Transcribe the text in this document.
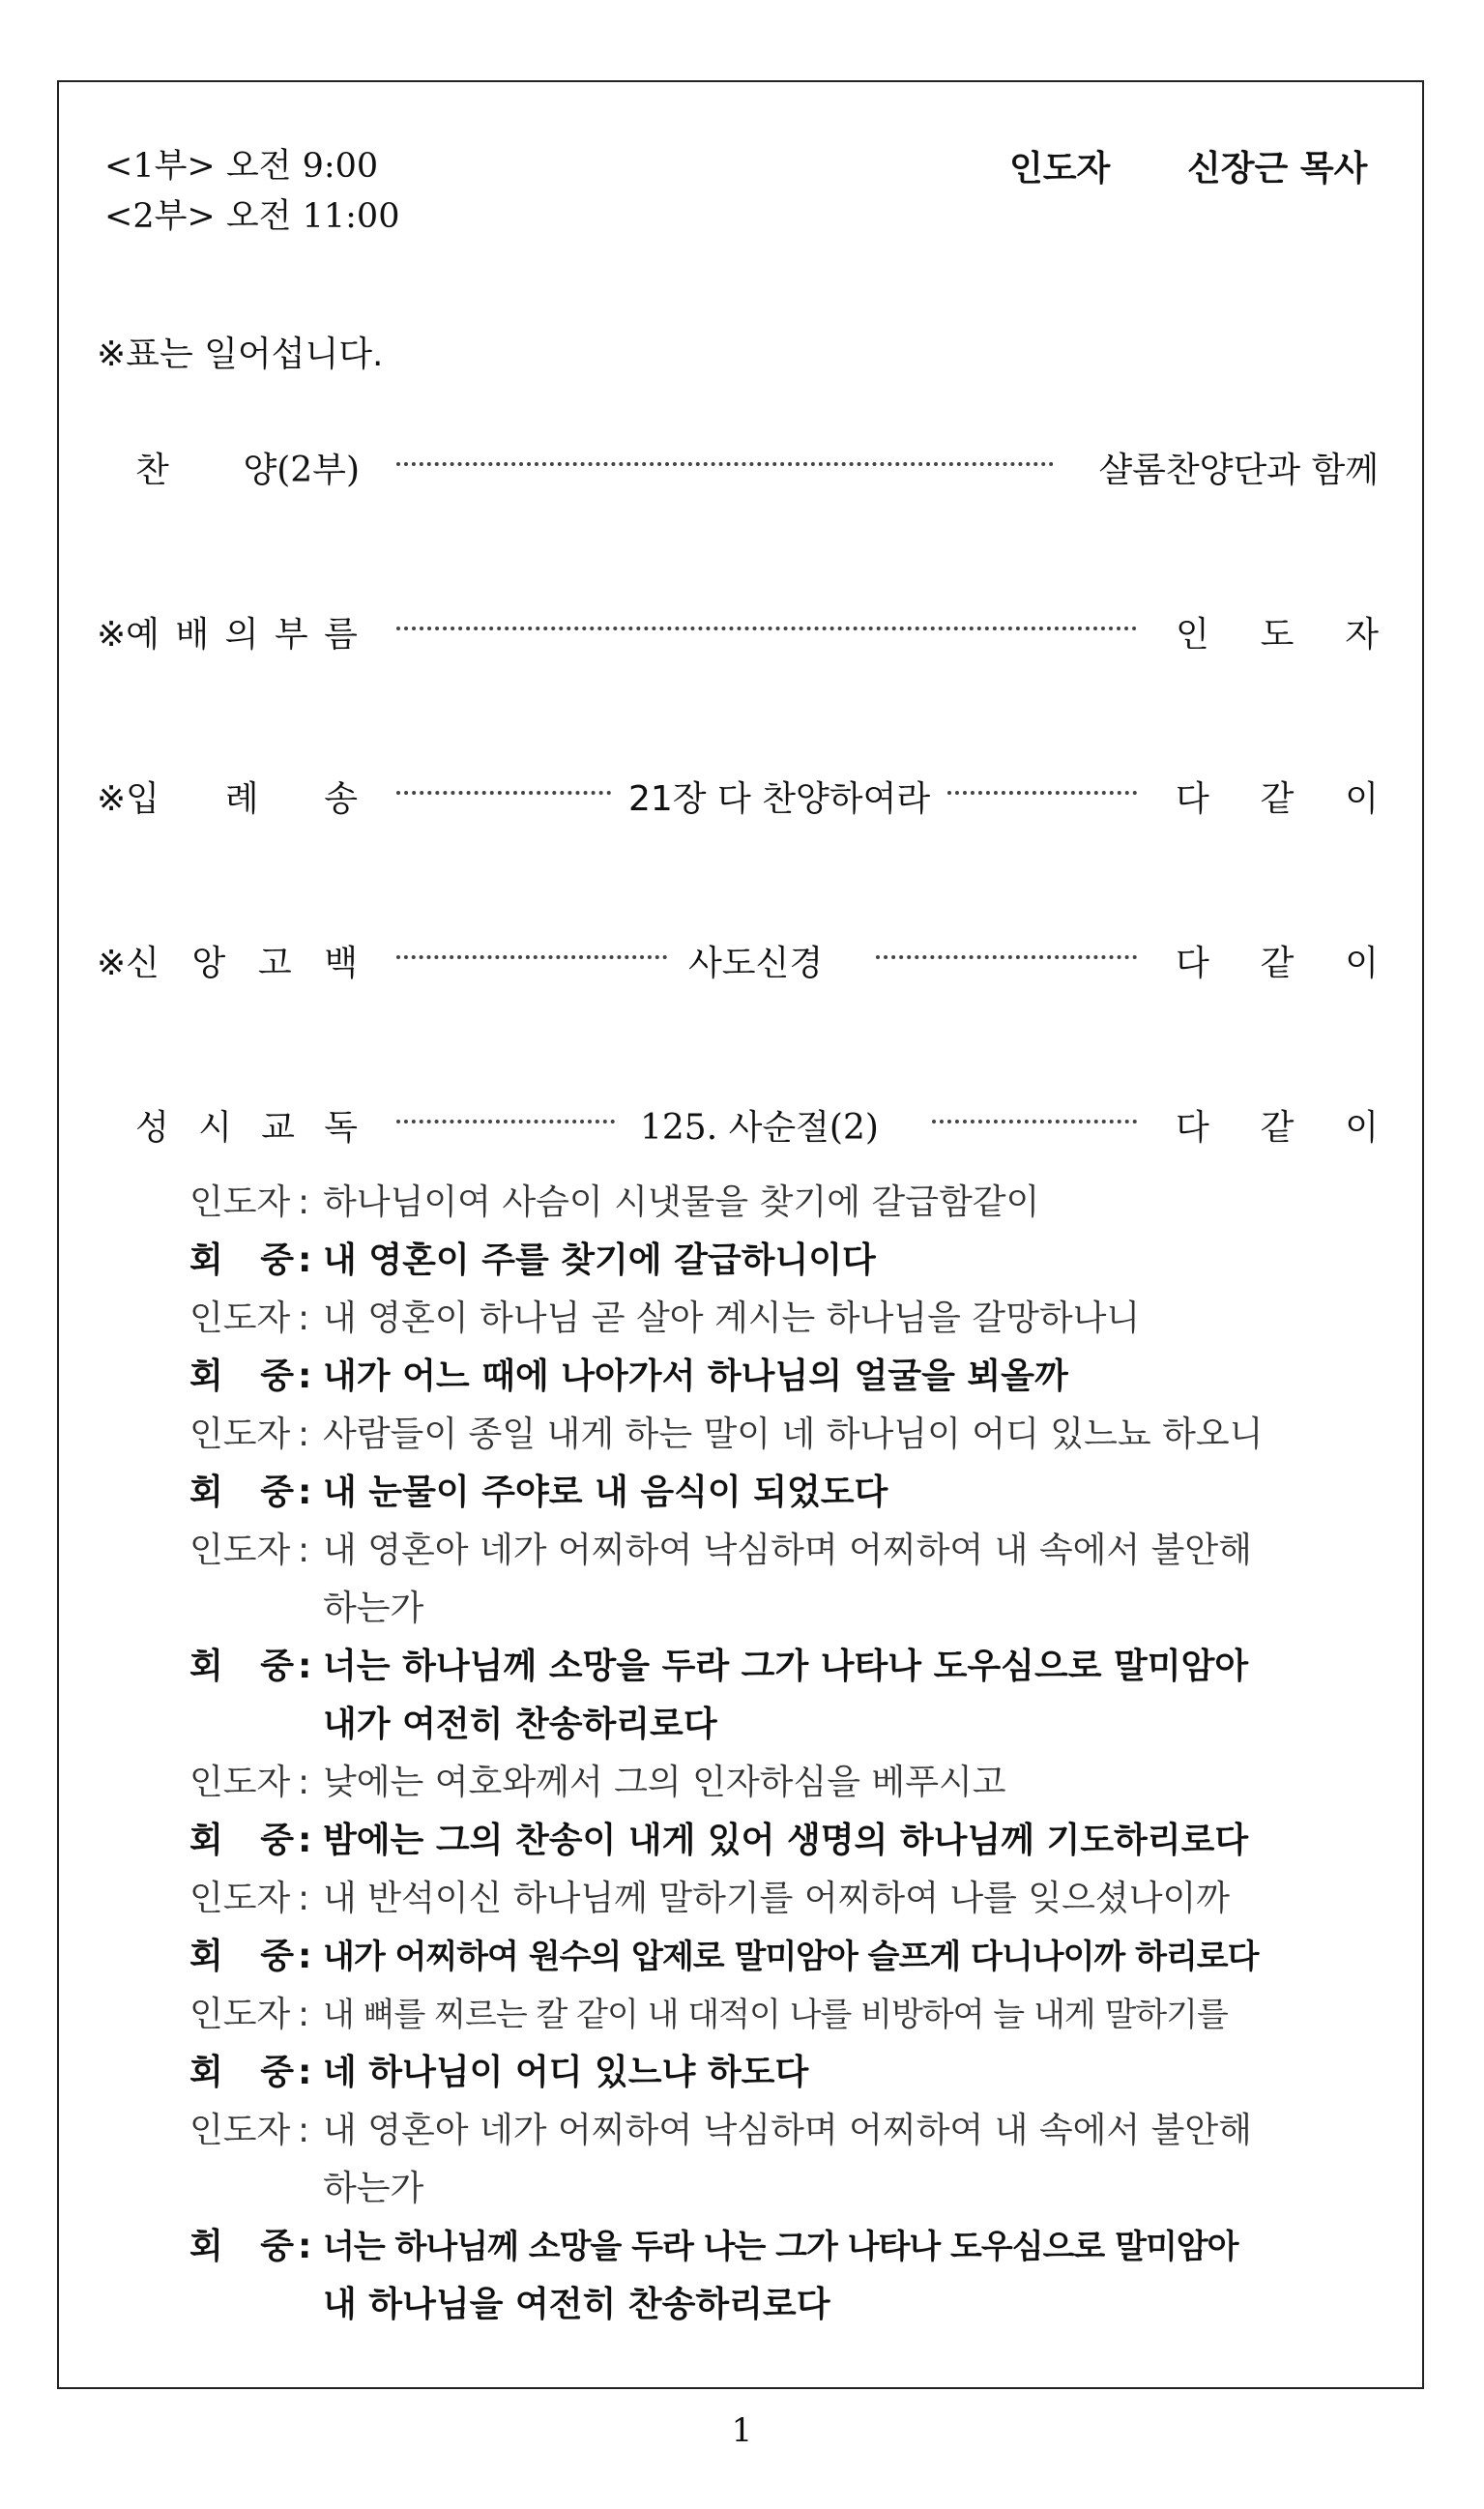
<1부> 오전 9:00
<2부> 오전 11:00
인도자 신장근 목사
※표는 일어섭니다.
찬 양(2부)	샬롬찬양단과 함께
※예 배 의 부 름	인 도 자
※입 례 송	21장 다 찬양하여라	다 같 이
※신 앙 고 백	사도신경	다 같 이
성 시 교 독	125. 사순절(2)	다 같 이
인도자 : 하나님이여 사슴이 시냇물을 찾기에 갈급함같이
회 중 : 내 영혼이 주를 찾기에 갈급하니이다
인도자 : 내 영혼이 하나님 곧 살아 계시는 하나님을 갈망하나니
회 중 : 내가 어느 때에 나아가서 하나님의 얼굴을 뵈올까
인도자 : 사람들이 종일 내게 하는 말이 네 하나님이 어디 있느뇨 하오니
회 중 : 내 눈물이 주야로 내 음식이 되었도다
인도자 : 내 영혼아 네가 어찌하여 낙심하며 어찌하여 내 속에서 불안해
하는가
회 중 : 너는 하나님께 소망을 두라 그가 나타나 도우심으로 말미암아
내가 여전히 찬송하리로다
인도자 : 낮에는 여호와께서 그의 인자하심을 베푸시고
회 중 : 밤에는 그의 찬송이 내게 있어 생명의 하나님께 기도하리로다
인도자 : 내 반석이신 하나님께 말하기를 어찌하여 나를 잊으셨나이까
회 중 : 내가 어찌하여 원수의 압제로 말미암아 슬프게 다니나이까 하리로다
인도자 : 내 뼈를 찌르는 칼 같이 내 대적이 나를 비방하여 늘 내게 말하기를
회 중 : 네 하나님이 어디 있느냐 하도다
인도자 : 내 영혼아 네가 어찌하여 낙심하며 어찌하여 내 속에서 불안해
하는가
회 중 : 너는 하나님께 소망을 두라 나는 그가 나타나 도우심으로 말미암아
내 하나님을 여전히 찬송하리로다
1
